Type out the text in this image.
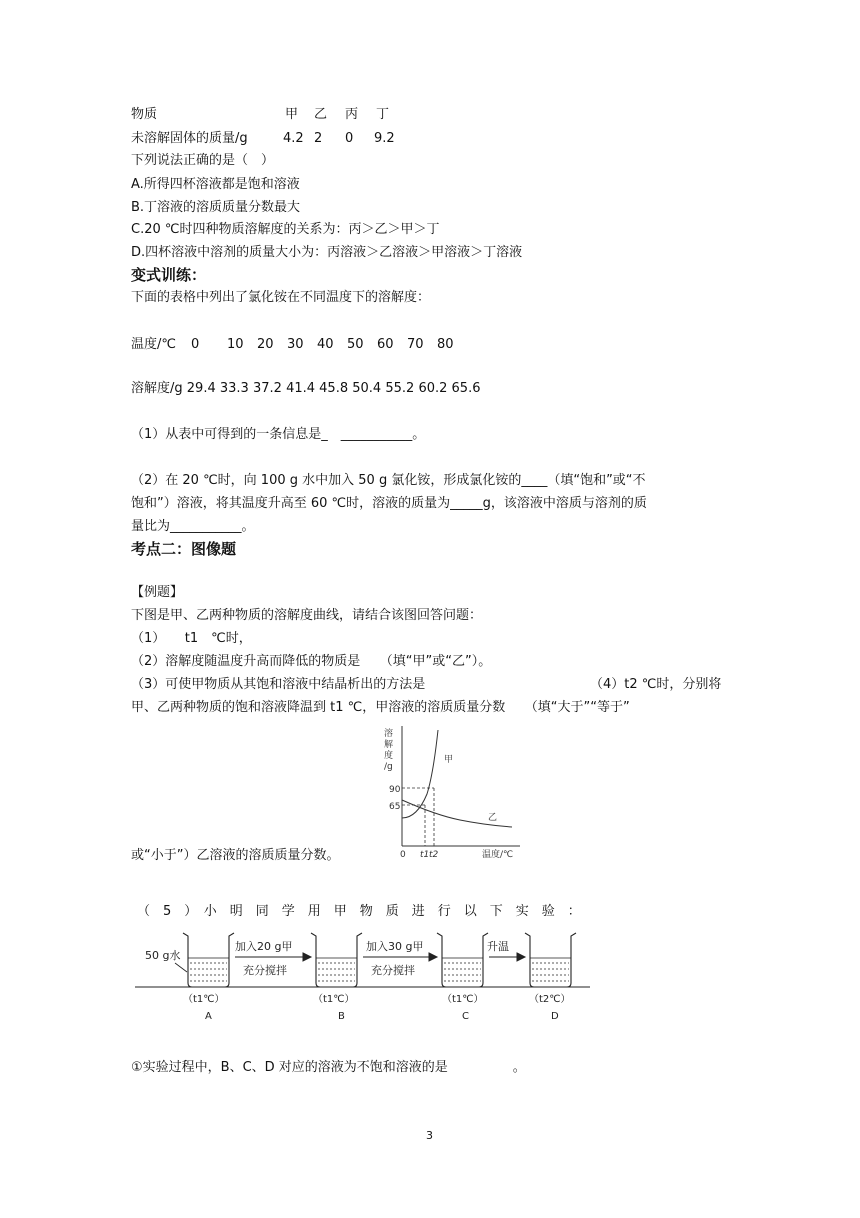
物质	甲 乙 丙 丁
未溶解固体的质量/g	4.2 2 0 9.2
下列说法正确的是（　）
A.所得四杯溶液都是饱和溶液
B.丁溶液的溶质质量分数最大
C.20 ℃时四种物质溶解度的关系为：丙＞乙＞甲＞丁
D.四杯溶液中溶剂的质量大小为：丙溶液＞乙溶液＞甲溶液＞丁溶液
变式训练：
下面的表格中列出了氯化铵在不同温度下的溶解度：
温度/℃ 0 10 20 30 40 50 60 70 80
溶解度/g 29.4 33.3 37.2 41.4 45.8 50.4 55.2 60.2 65.6
（1）从表中可得到的一条信息是_　___________。
（2）在 20 ℃时，向 100 g 水中加入 50 g 氯化铵，形成氯化铵的____（填“饱和”或“不
饱和”）溶液，将其温度升高至 60 ℃时，溶液的质量为_____g，该溶液中溶质与溶剂的质
量比为___________。
考点二：图像题
【例题】
下图是甲、乙两种物质的溶解度曲线，请结合该图回答问题：
（1）　　t1　℃时，
（2）溶解度随温度升高而降低的物质是　　（填“甲”或“乙”）。
（3）可使甲物质从其饱和溶液中结晶析出的方法是	（4）t2 ℃时，分别将
甲、乙两种物质的饱和溶液降温到 t1 ℃，甲溶液的溶质质量分数　　（填“大于”“等于”
溶
解
度
/g
90
65
0 t1 t2	温度/℃
甲
乙
或“小于”）乙溶液的溶质质量分数。
（　5　）　小　明　同　学　用　甲　物　质　进　行　以　下　实　验　：
50 g水
加入20 g甲
充分搅拌
加入30 g甲
充分搅拌
升温
（t1℃）	（t1℃）	（t1℃）	（t2℃）
A	B	C	D
①实验过程中，B、C、D 对应的溶液为不饱和溶液的是　　　　　。
3
